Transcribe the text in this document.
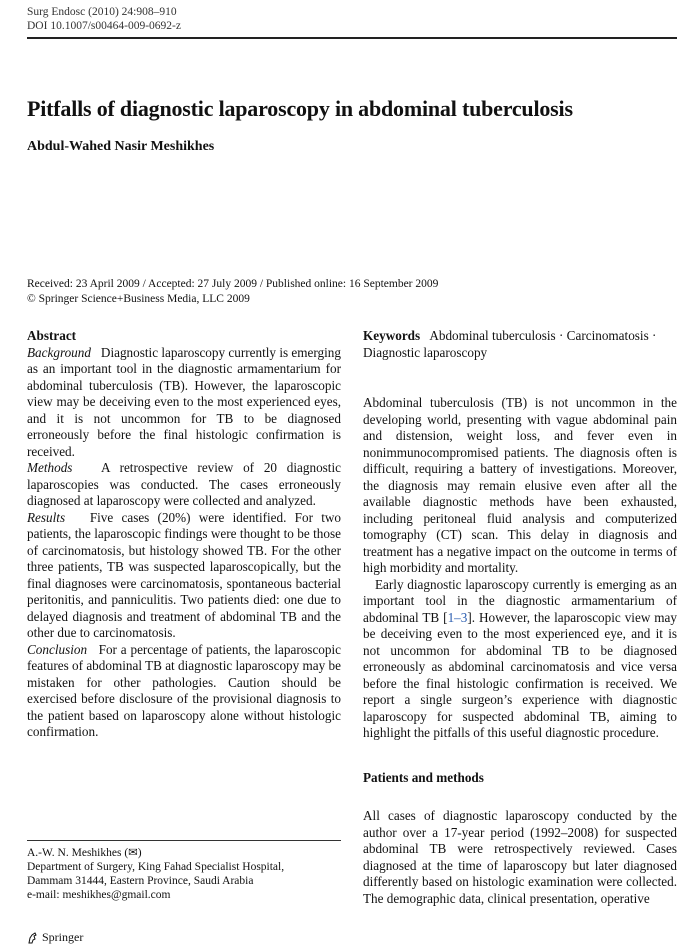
Surg Endosc (2010) 24:908–910
DOI 10.1007/s00464-009-0692-z
Pitfalls of diagnostic laparoscopy in abdominal tuberculosis
Abdul-Wahed Nasir Meshikhes
Received: 23 April 2009 / Accepted: 27 July 2009 / Published online: 16 September 2009
© Springer Science+Business Media, LLC 2009

Abstract

Background Diagnostic laparoscopy currently is emerging as an important tool in the diagnostic armamentarium for abdominal tuberculosis (TB). However, the laparoscopic view may be deceiving even to the most experienced eyes, and it is not uncommon for TB to be diagnosed erroneously before the final histologic confirmation is received.

Methods A retrospective review of 20 diagnostic laparoscopies was conducted. The cases erroneously diagnosed at laparoscopy were collected and analyzed.

Results Five cases (20%) were identified. For two patients, the laparoscopic findings were thought to be those of carcinomatosis, but histology showed TB. For the other three patients, TB was suspected laparoscopically, but the final diagnoses were carcinomatosis, spontaneous bacterial peritonitis, and panniculitis. Two patients died: one due to delayed diagnosis and treatment of abdominal TB and the other due to carcinomatosis.

Conclusion For a percentage of patients, the laparoscopic features of abdominal TB at diagnostic laparoscopy may be mistaken for other pathologies. Caution should be exercised before disclosure of the provisional diagnosis to the patient based on laparoscopy alone without histologic confirmation.

A.-W. N. Meshikhes (✉)
Department of Surgery, King Fahad Specialist Hospital,
Dammam 31444, Eastern Province, Saudi Arabia
e-mail: meshikhes@gmail.com

Keywords Abdominal tuberculosis · Carcinomatosis · Diagnostic laparoscopy

Abdominal tuberculosis (TB) is not uncommon in the developing world, presenting with vague abdominal pain and distension, weight loss, and fever even in nonimmunocompromised patients. The diagnosis often is difficult, requiring a battery of investigations. Moreover, the diagnosis may remain elusive even after all the available diagnostic methods have been exhausted, including peritoneal fluid analysis and computerized tomography (CT) scan. This delay in diagnosis and treatment has a negative impact on the outcome in terms of high morbidity and mortality.

Early diagnostic laparoscopy currently is emerging as an important tool in the diagnostic armamentarium of abdominal TB [1–3]. However, the laparoscopic view may be deceiving even to the most experienced eye, and it is not uncommon for abdominal TB to be diagnosed erroneously as abdominal carcinomatosis and vice versa before the final histologic confirmation is received. We report a single surgeon’s experience with diagnostic laparoscopy for suspected abdominal TB, aiming to highlight the pitfalls of this useful diagnostic procedure.

Patients and methods

All cases of diagnostic laparoscopy conducted by the author over a 17-year period (1992–2008) for suspected abdominal TB were retrospectively reviewed. Cases diagnosed at the time of laparoscopy but later diagnosed differently based on histologic examination were collected. The demographic data, clinical presentation, operative

Springer
